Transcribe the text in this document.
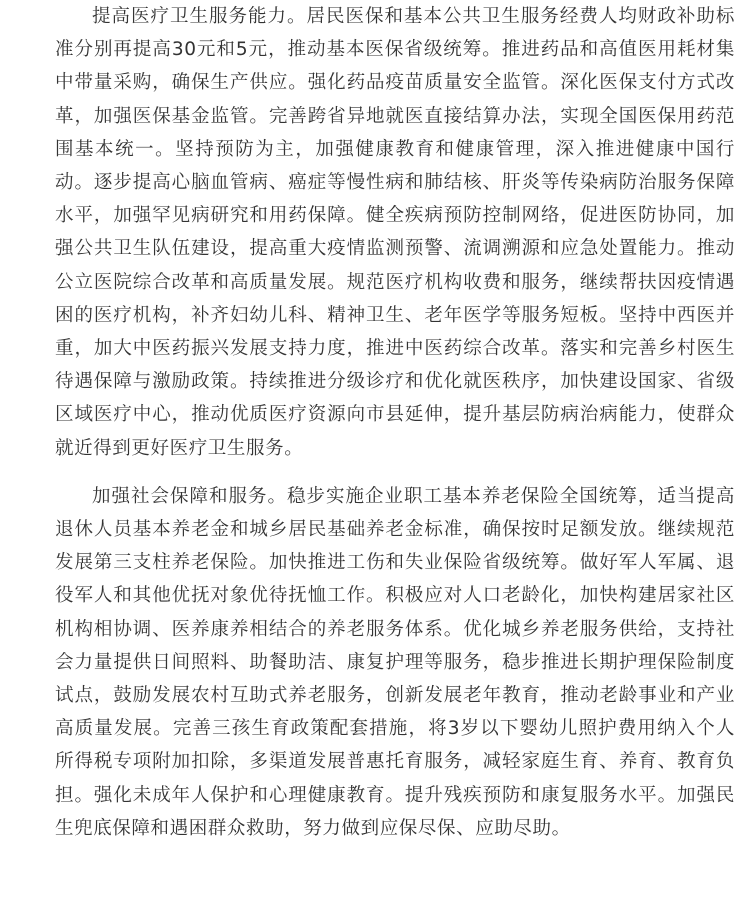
提高医疗卫生服务能力。居民医保和基本公共卫生服务经费人均财政补助标准分别再提高30元和5元，推动基本医保省级统筹。推进药品和高值医用耗材集中带量采购，确保生产供应。强化药品疫苗质量安全监管。深化医保支付方式改革，加强医保基金监管。完善跨省异地就医直接结算办法，实现全国医保用药范围基本统一。坚持预防为主，加强健康教育和健康管理，深入推进健康中国行动。逐步提高心脑血管病、癌症等慢性病和肺结核、肝炎等传染病防治服务保障水平，加强罕见病研究和用药保障。健全疾病预防控制网络，促进医防协同，加强公共卫生队伍建设，提高重大疫情监测预警、流调溯源和应急处置能力。推动公立医院综合改革和高质量发展。规范医疗机构收费和服务，继续帮扶因疫情遇困的医疗机构，补齐妇幼儿科、精神卫生、老年医学等服务短板。坚持中西医并重，加大中医药振兴发展支持力度，推进中医药综合改革。落实和完善乡村医生待遇保障与激励政策。持续推进分级诊疗和优化就医秩序，加快建设国家、省级区域医疗中心，推动优质医疗资源向市县延伸，提升基层防病治病能力，使群众就近得到更好医疗卫生服务。

加强社会保障和服务。稳步实施企业职工基本养老保险全国统筹，适当提高退休人员基本养老金和城乡居民基础养老金标准，确保按时足额发放。继续规范发展第三支柱养老保险。加快推进工伤和失业保险省级统筹。做好军人军属、退役军人和其他优抚对象优待抚恤工作。积极应对人口老龄化，加快构建居家社区机构相协调、医养康养相结合的养老服务体系。优化城乡养老服务供给，支持社会力量提供日间照料、助餐助洁、康复护理等服务，稳步推进长期护理保险制度试点，鼓励发展农村互助式养老服务，创新发展老年教育，推动老龄事业和产业高质量发展。完善三孩生育政策配套措施，将3岁以下婴幼儿照护费用纳入个人所得税专项附加扣除，多渠道发展普惠托育服务，减轻家庭生育、养育、教育负担。强化未成年人保护和心理健康教育。提升残疾预防和康复服务水平。加强民生兜底保障和遇困群众救助，努力做到应保尽保、应助尽助。
